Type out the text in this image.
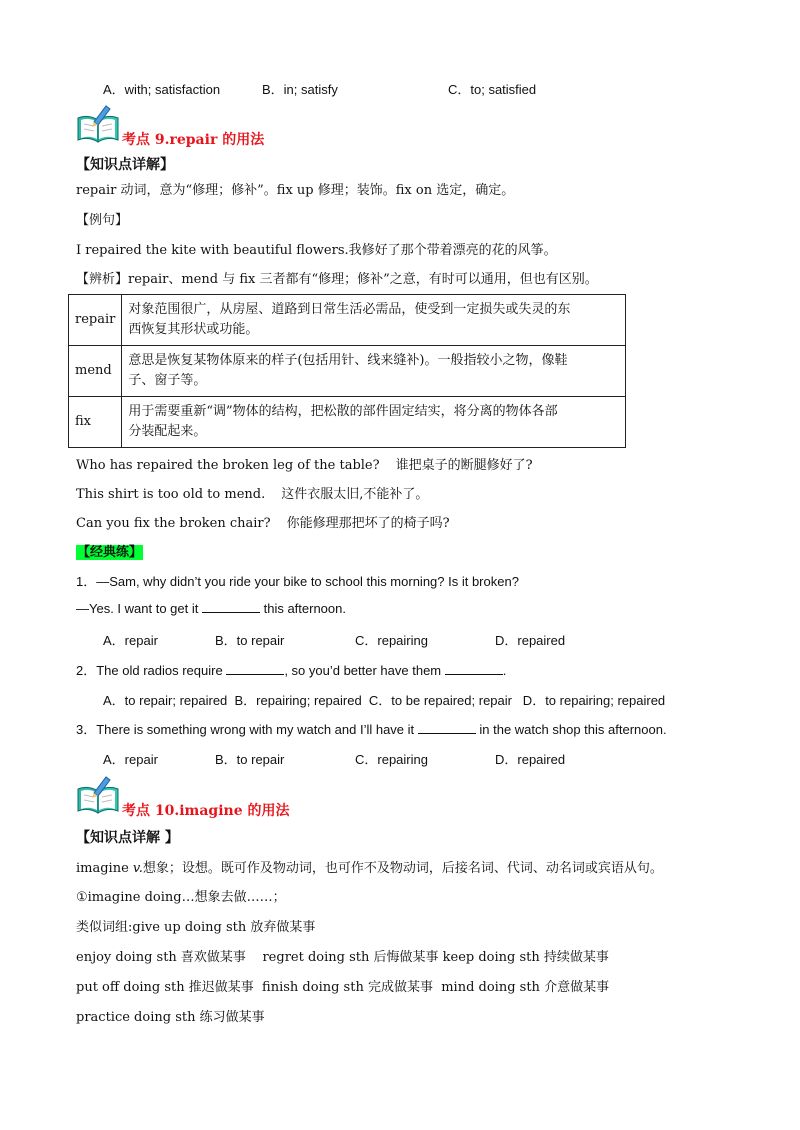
A．with; satisfaction	B．in; satisfy	C．to; satisfied
考点 9.repair 的用法
【知识点详解】
repair 动词，意为“修理；修补”。fix up 修理；装饰。fix on 选定，确定。
【例句】
I repaired the kite with beautiful flowers.我修好了那个带着漂亮的花的风筝。
【辨析】repair、mend 与 fix 三者都有“修理；修补”之意，有时可以通用，但也有区别。
repair	对象范围很广，从房屋、道路到日常生活必需品，使受到一定损失或失灵的东
西恢复其形状或功能。

mend	意思是恢复某物体原来的样子(包括用针、线来缝补)。一般指较小之物，像鞋
子、窗子等。

fix	用于需要重新“调”物体的结构，把松散的部件固定结实，将分离的物体各部
分装配起来。
Who has repaired the broken leg of the table? 谁把桌子的断腿修好了?
This shirt is too old to mend. 这件衣服太旧,不能补了。
Can you fix the broken chair? 你能修理那把坏了的椅子吗?
【经典练】
1．—Sam, why didn’t you ride your bike to school this morning? Is it broken?
—Yes. I want to get it	this afternoon.
A．repair	B．to repair	C．repairing	D．repaired
2．The old radios require	, so you’d better have them	.
A．to repair; repaired  B．repairing; repaired  C．to be repaired; repair   D．to repairing; repaired
3．There is something wrong with my watch and I’ll have it	in the watch shop this afternoon.
A．repair	B．to repair	C．repairing	D．repaired
考点 10.imagine 的用法
【知识点详解 】
imagine v.想象；设想。既可作及物动词，也可作不及物动词，后接名词、代词、动名词或宾语从句。
①imagine doing…想象去做……；
类似词组:give up doing sth 放弃做某事
enjoy doing sth 喜欢做某事    regret doing sth 后悔做某事 keep doing sth 持续做某事
put off doing sth 推迟做某事  finish doing sth 完成做某事  mind doing sth 介意做某事
practice doing sth 练习做某事
